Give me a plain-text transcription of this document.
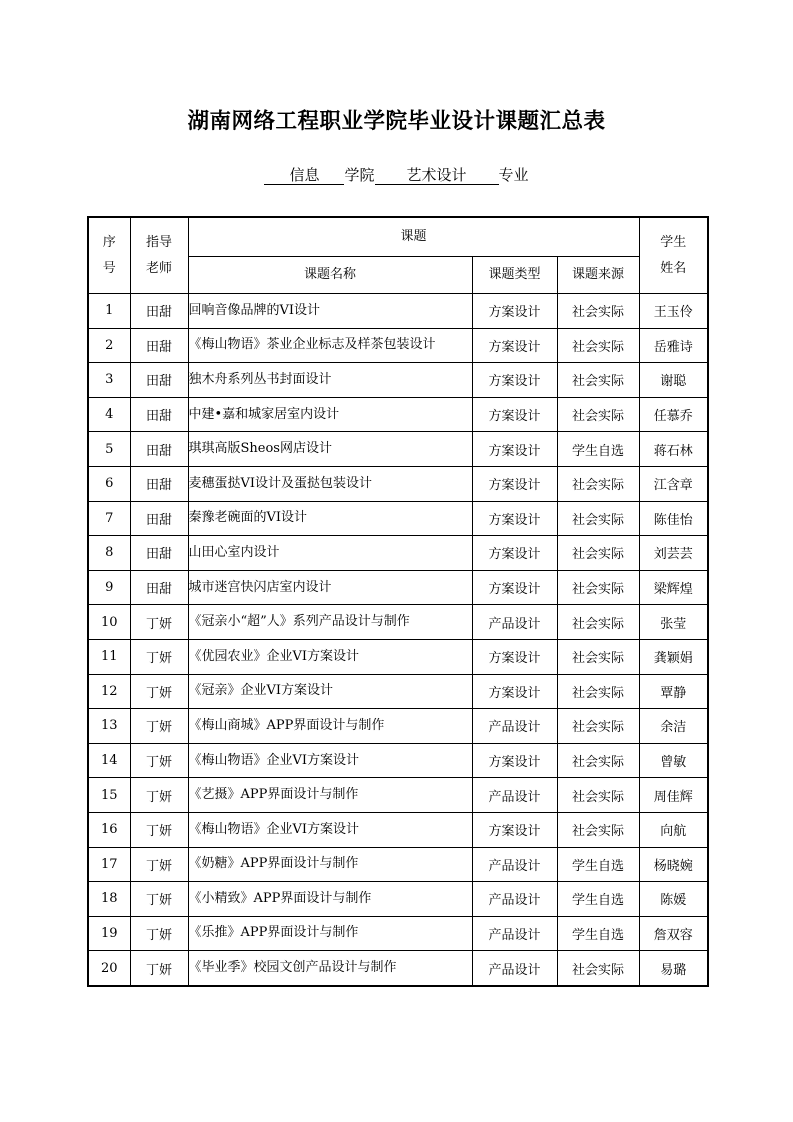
湖南网络工程职业学院毕业设计课题汇总表
信息 学院 艺术设计 专业
序号	指导老师	课题			学生姓名
		课题名称	课题类型	课题来源	
1	田甜	回响音像品牌的VI设计	方案设计	社会实际	王玉伶
2	田甜	《梅山物语》茶业企业标志及样茶包装设计	方案设计	社会实际	岳雅诗
3	田甜	独木舟系列丛书封面设计	方案设计	社会实际	谢聪
4	田甜	中建•嘉和城家居室内设计	方案设计	社会实际	任慕乔
5	田甜	琪琪高版Sheos网店设计	方案设计	学生自选	蒋石林
6	田甜	麦穗蛋挞VI设计及蛋挞包装设计	方案设计	社会实际	江含章
7	田甜	秦豫老碗面的VI设计	方案设计	社会实际	陈佳怡
8	田甜	山田心室内设计	方案设计	社会实际	刘芸芸
9	田甜	城市迷宫快闪店室内设计	方案设计	社会实际	梁辉煌
10	丁妍	《冠亲小“超”人》系列产品设计与制作	产品设计	社会实际	张莹
11	丁妍	《优园农业》企业VI方案设计	方案设计	社会实际	龚颖娟
12	丁妍	《冠亲》企业VI方案设计	方案设计	社会实际	覃静
13	丁妍	《梅山商城》APP界面设计与制作	产品设计	社会实际	余洁
14	丁妍	《梅山物语》企业VI方案设计	方案设计	社会实际	曾敏
15	丁妍	《艺摄》APP界面设计与制作	产品设计	社会实际	周佳辉
16	丁妍	《梅山物语》企业VI方案设计	方案设计	社会实际	向航
17	丁妍	《奶糖》APP界面设计与制作	产品设计	学生自选	杨晓婉
18	丁妍	《小精致》APP界面设计与制作	产品设计	学生自选	陈媛
19	丁妍	《乐推》APP界面设计与制作	产品设计	学生自选	詹双容
20	丁妍	《毕业季》校园文创产品设计与制作	产品设计	社会实际	易璐
